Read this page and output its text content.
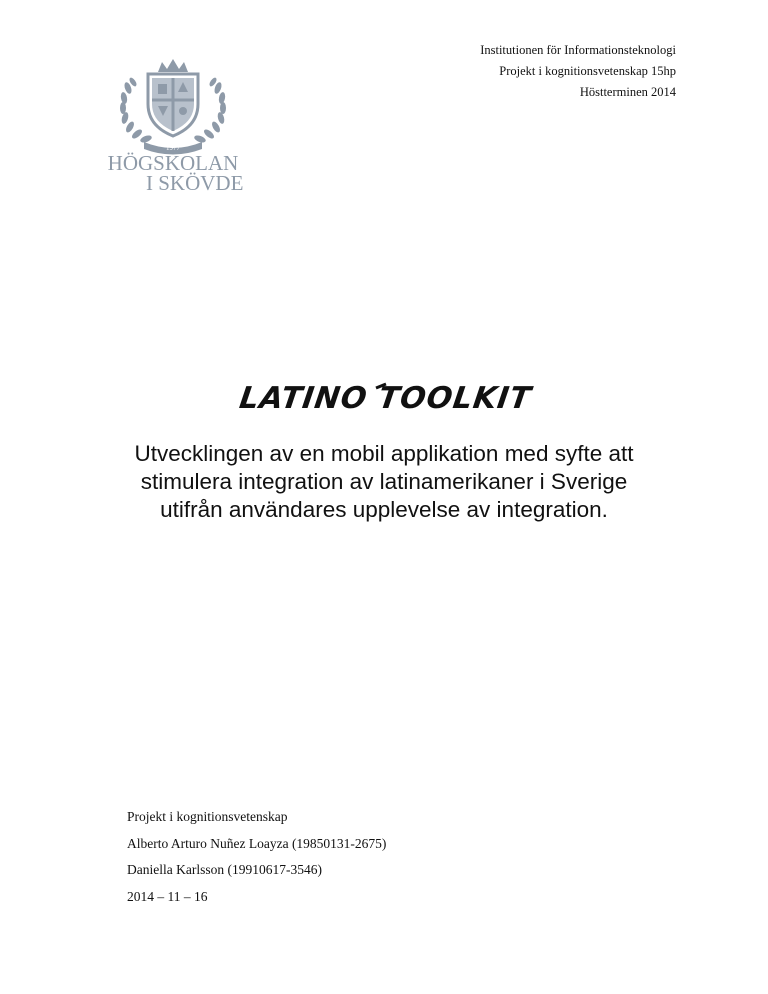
Institutionen för Informationsteknologi
Projekt i kognitionsvetenskap 15hp
Höstterminen 2014
1977
HÖGSKOLAN
I SKÖVDE
LATINO TOOLKIT
Utvecklingen av en mobil applikation med syfte att
stimulera integration av latinamerikaner i Sverige
utifrån användares upplevelse av integration.
Projekt i kognitionsvetenskap
Alberto Arturo Nuñez Loayza (19850131-2675)
Daniella Karlsson (19910617-3546)
2014 – 11 – 16
